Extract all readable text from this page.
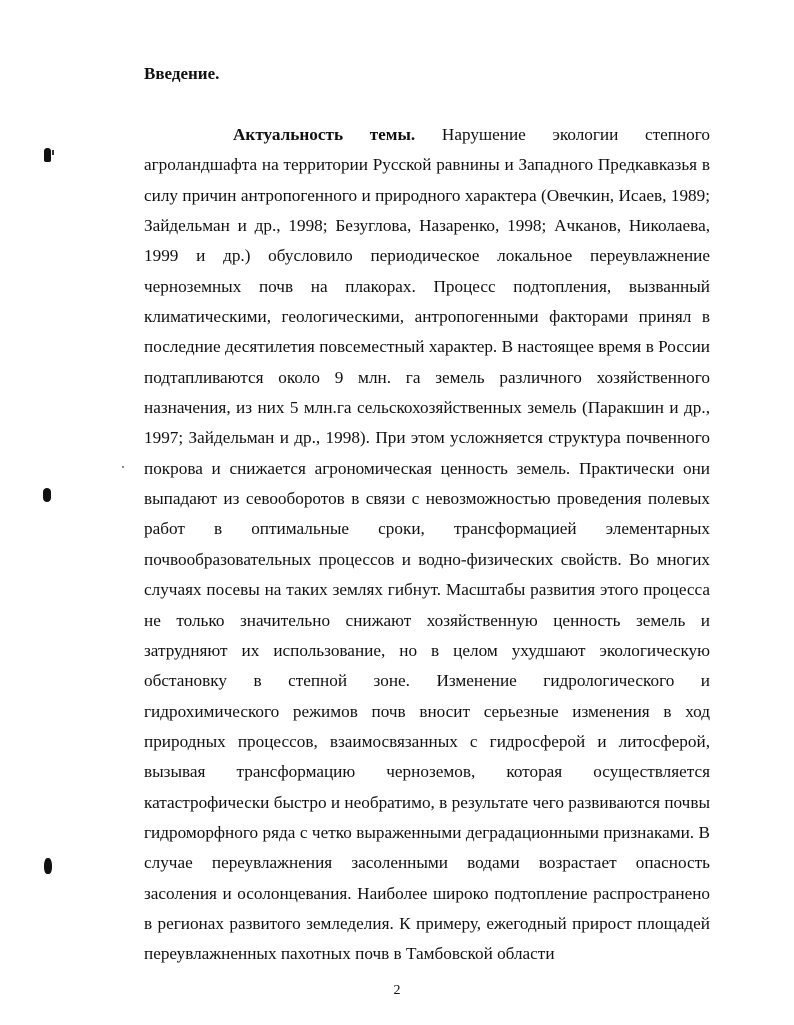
Введение.

Актуальность темы. Нарушение экологии степного агроландшафта на территории Русской равнины и Западного Предкавказья в силу причин антропогенного и природного характера (Овечкин, Исаев, 1989; Зайдельман и др., 1998; Безуглова, Назаренко, 1998; Ачканов, Николаева, 1999 и др.) обусловило периодическое локальное переувлажнение черноземных почв на плакорах. Процесс подтопления, вызванный климатическими, геологическими, антропогенными факторами принял в последние десятилетия повсеместный характер. В настоящее время в России подтапливаются около 9 млн. га земель различного хозяйственного назначения, из них 5 млн.га сельскохозяйственных земель (Паракшин и др., 1997; Зайдельман и др., 1998). При этом усложняется структура почвенного покрова и снижается агрономическая ценность земель. Практически они выпадают из севооборотов в связи с невозможностью проведения полевых работ в оптимальные сроки, трансформацией элементарных почвообразовательных процессов и водно-физических свойств. Во многих случаях посевы на таких землях гибнут. Масштабы развития этого процесса не только значительно снижают хозяйственную ценность земель и затрудняют их использование, но в целом ухудшают экологическую обстановку в степной зоне. Изменение гидрологического и гидрохимического режимов почв вносит серьезные изменения в ход природных процессов, взаимосвязанных с гидросферой и литосферой, вызывая трансформацию черноземов, которая осуществляется катастрофически быстро и необратимо, в результате чего развиваются почвы гидроморфного ряда с четко выраженными деградационными признаками. В случае переувлажнения засоленными водами возрастает опасность засоления и осолонцевания. Наиболее широко подтопление распространено в регионах развитого земледелия. К примеру, ежегодный прирост площадей переувлажненных пахотных почв в Тамбовской области

2
